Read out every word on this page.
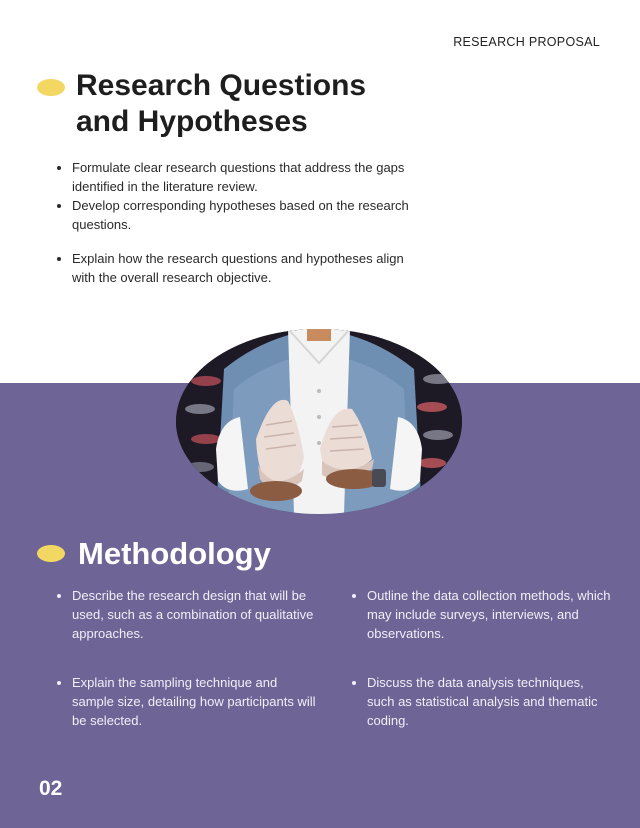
RESEARCH PROPOSAL
Research Questions
and Hypotheses
• Formulate clear research questions that address the gaps identified in the literature review.
• Develop corresponding hypotheses based on the research questions.
• Explain how the research questions and hypotheses align with the overall research objective.
Methodology
• Describe the research design that will be used, such as a combination of qualitative approaches.
• Explain the sampling technique and sample size, detailing how participants will be selected.
• Outline the data collection methods, which may include surveys, interviews, and observations.
• Discuss the data analysis techniques, such as statistical analysis and thematic coding.
02
